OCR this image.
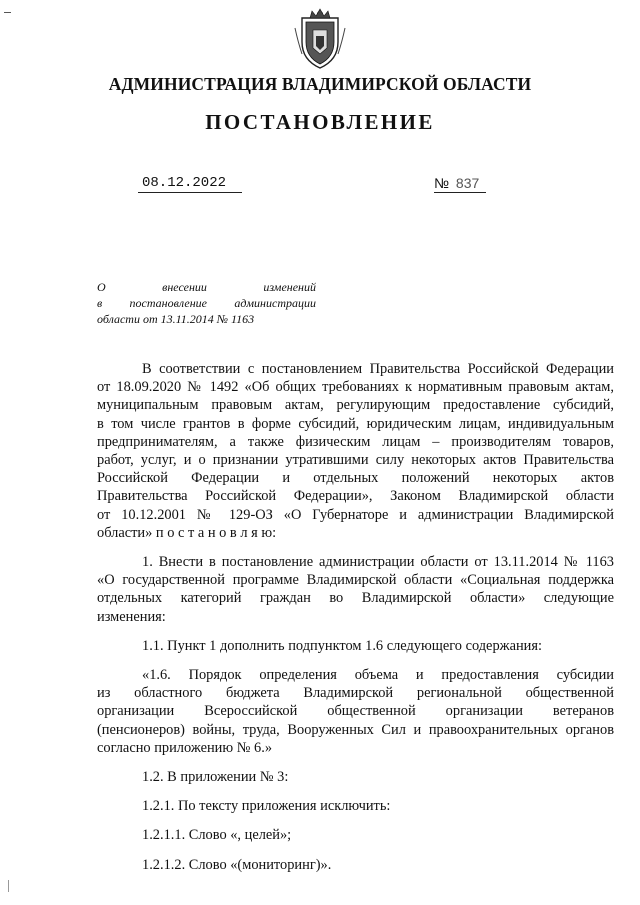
АДМИНИСТРАЦИЯ ВЛАДИМИРСКОЙ ОБЛАСТИ
ПОСТАНОВЛЕНИЕ
08.12.2022	№ 837
О внесении изменений
в постановление администрации
области от 13.11.2014 № 1163

В соответствии с постановлением Правительства Российской Федерации
от 18.09.2020 № 1492 «Об общих требованиях к нормативным правовым актам,
муниципальным правовым актам, регулирующим предоставление субсидий,
в том числе грантов в форме субсидий, юридическим лицам, индивидуальным
предпринимателям, а также физическим лицам – производителям товаров,
работ, услуг, и о признании утратившими силу некоторых актов Правительства
Российской Федерации и отдельных положений некоторых актов
Правительства Российской Федерации», Законом Владимирской области
от 10.12.2001 № 129-ОЗ «О Губернаторе и администрации Владимирской
области» п о с т а н о в л я ю:

1. Внести в постановление администрации области от 13.11.2014 № 1163
«О государственной программе Владимирской области «Социальная поддержка
отдельных категорий граждан во Владимирской области» следующие
изменения:

1.1. Пункт 1 дополнить подпунктом 1.6 следующего содержания:

«1.6. Порядок определения объема и предоставления субсидии
из областного бюджета Владимирской региональной общественной
организации Всероссийской общественной организации ветеранов
(пенсионеров) войны, труда, Вооруженных Сил и правоохранительных органов
согласно приложению № 6.»

1.2. В приложении № 3:

1.2.1. По тексту приложения исключить:

1.2.1.1. Слово «, целей»;

1.2.1.2. Слово «(мониторинг)».
